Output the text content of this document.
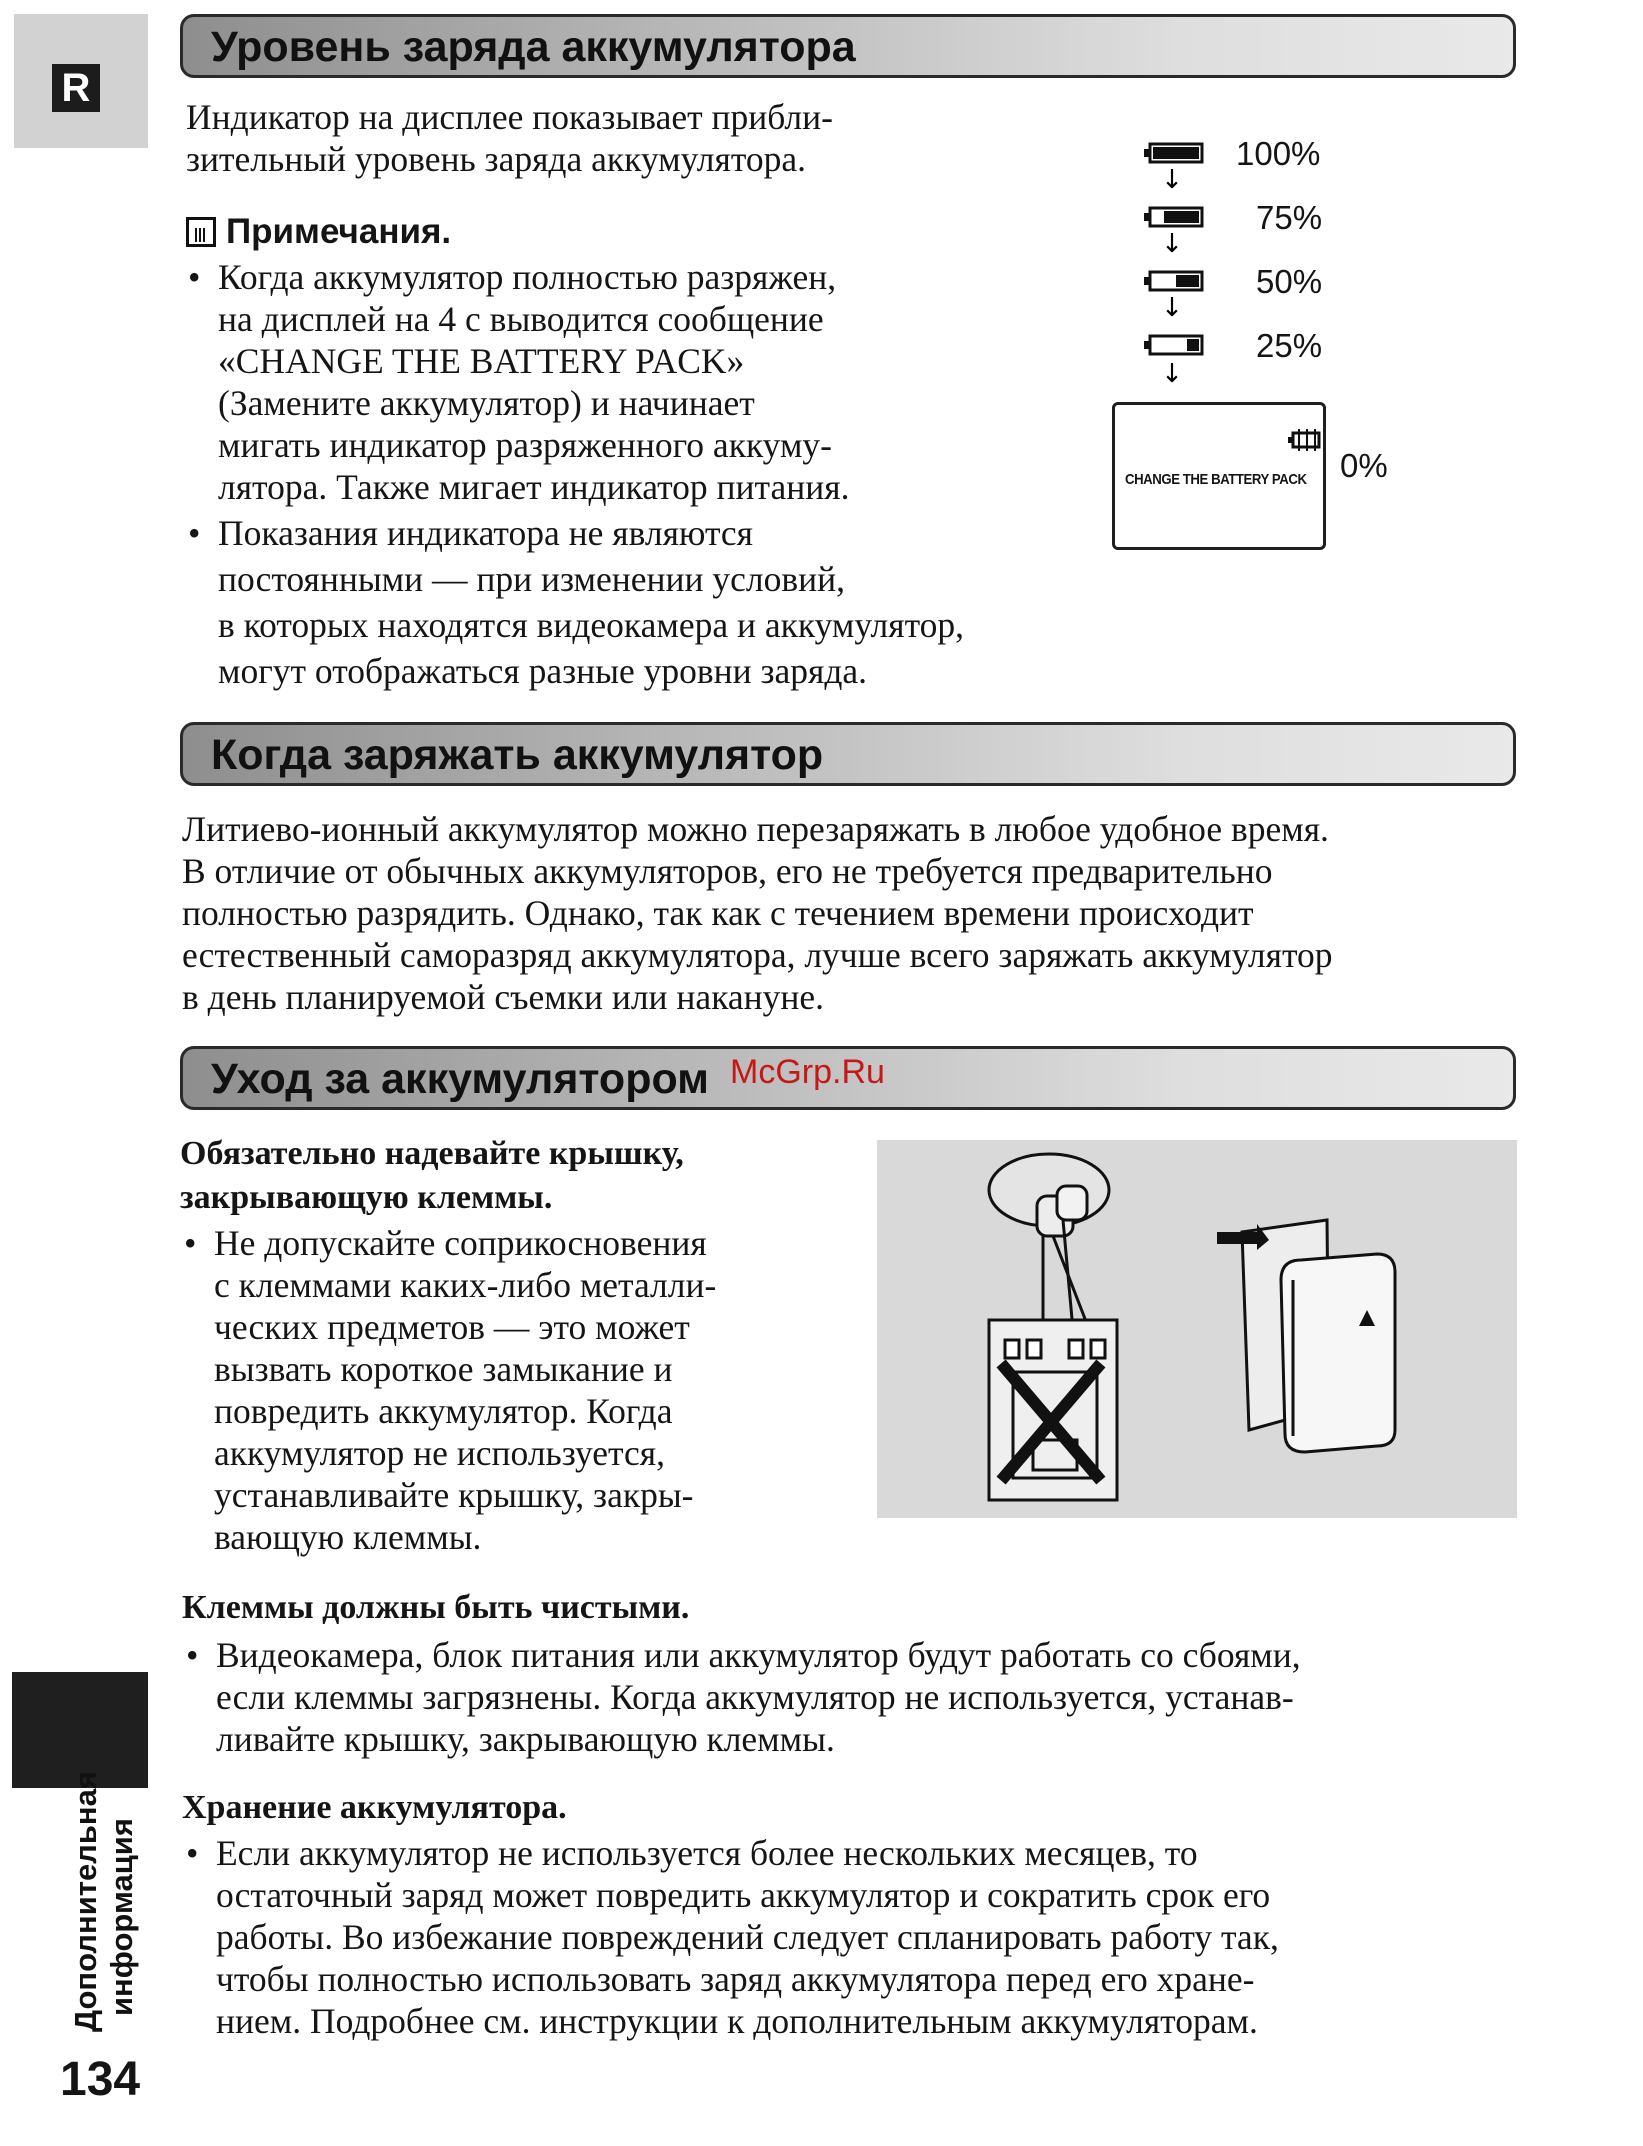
R
Уровень заряда аккумулятора

Индикатор на дисплее показывает прибли-

зительный уровень заряда аккумулятора.

Примечания.
• Когда аккумулятор полностью разряжен,
на дисплей на 4 с выводится сообщение
«CHANGE THE BATTERY PACK»
(Замените аккумулятор) и начинает
мигать индикатор разряженного аккуму-
лятора. Также мигает индикатор питания.
• Показания индикатора не являются
постоянными — при изменении условий,
в которых находятся видеокамера и аккумулятор,
могут отображаться разные уровни заряда.
↓
↓
↓
↓
100%
75%
50%
25%
CHANGE THE BATTERY PACK 0%
Когда заряжать аккумулятор

Литиево-ионный аккумулятор можно перезаряжать в любое удобное время.

В отличие от обычных аккумуляторов, его не требуется предварительно

полностью разрядить. Однако, так как с течением времени происходит

естественный саморазряд аккумулятора, лучше всего заряжать аккумулятор

в день планируемой съемки или накануне.

Уход за аккумулятором McGrp.Ru
Обязательно надевайте крышку,
закрывающую клеммы.
• Не допускайте соприкосновения
с клеммами каких-либо металли-
ческих предметов — это может
вызвать короткое замыкание и
повредить аккумулятор. Когда
аккумулятор не используется,
устанавливайте крышку, закры-
вающую клеммы.
Клеммы должны быть чистыми.
• Видеокамера, блок питания или аккумулятор будут работать со сбоями,
если клеммы загрязнены. Когда аккумулятор не используется, устанав-
ливайте крышку, закрывающую клеммы.
Хранение аккумулятора.
• Если аккумулятор не используется более нескольких месяцев, то
остаточный заряд может повредить аккумулятор и сократить срок его
работы. Во избежание повреждений следует спланировать работу так,
чтобы полностью использовать заряд аккумулятора перед его хране-
нием. Подробнее см. инструкции к дополнительным аккумуляторам.
Дополнительная информация
134
